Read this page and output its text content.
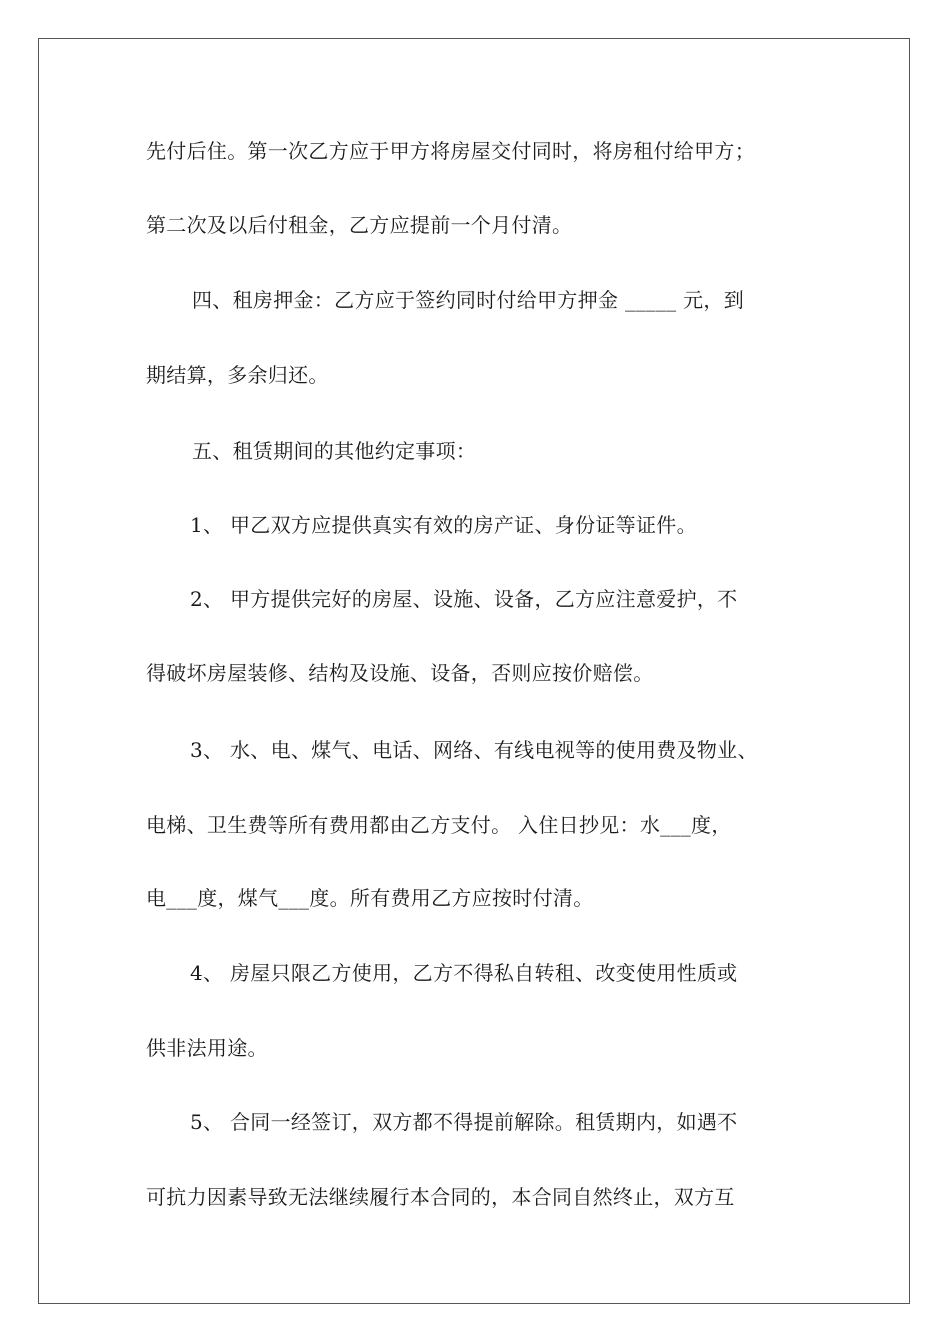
先付后住。第一次乙方应于甲方将房屋交付同时，将房租付给甲方；
第二次及以后付租金，乙方应提前一个月付清。
四、租房押金：乙方应于签约同时付给甲方押金 _____ 元，到
期结算，多余归还。
五、租赁期间的其他约定事项：
1、 甲乙双方应提供真实有效的房产证、身份证等证件。
2、 甲方提供完好的房屋、设施、设备，乙方应注意爱护，不
得破坏房屋装修、结构及设施、设备，否则应按价赔偿。
3、 水、电、煤气、电话、网络、有线电视等的使用费及物业、
电梯、卫生费等所有费用都由乙方支付。 入住日抄见：水___度，
电___度，煤气___度。所有费用乙方应按时付清。
4、 房屋只限乙方使用，乙方不得私自转租、改变使用性质或
供非法用途。
5、 合同一经签订，双方都不得提前解除。租赁期内，如遇不
可抗力因素导致无法继续履行本合同的，本合同自然终止，双方互
